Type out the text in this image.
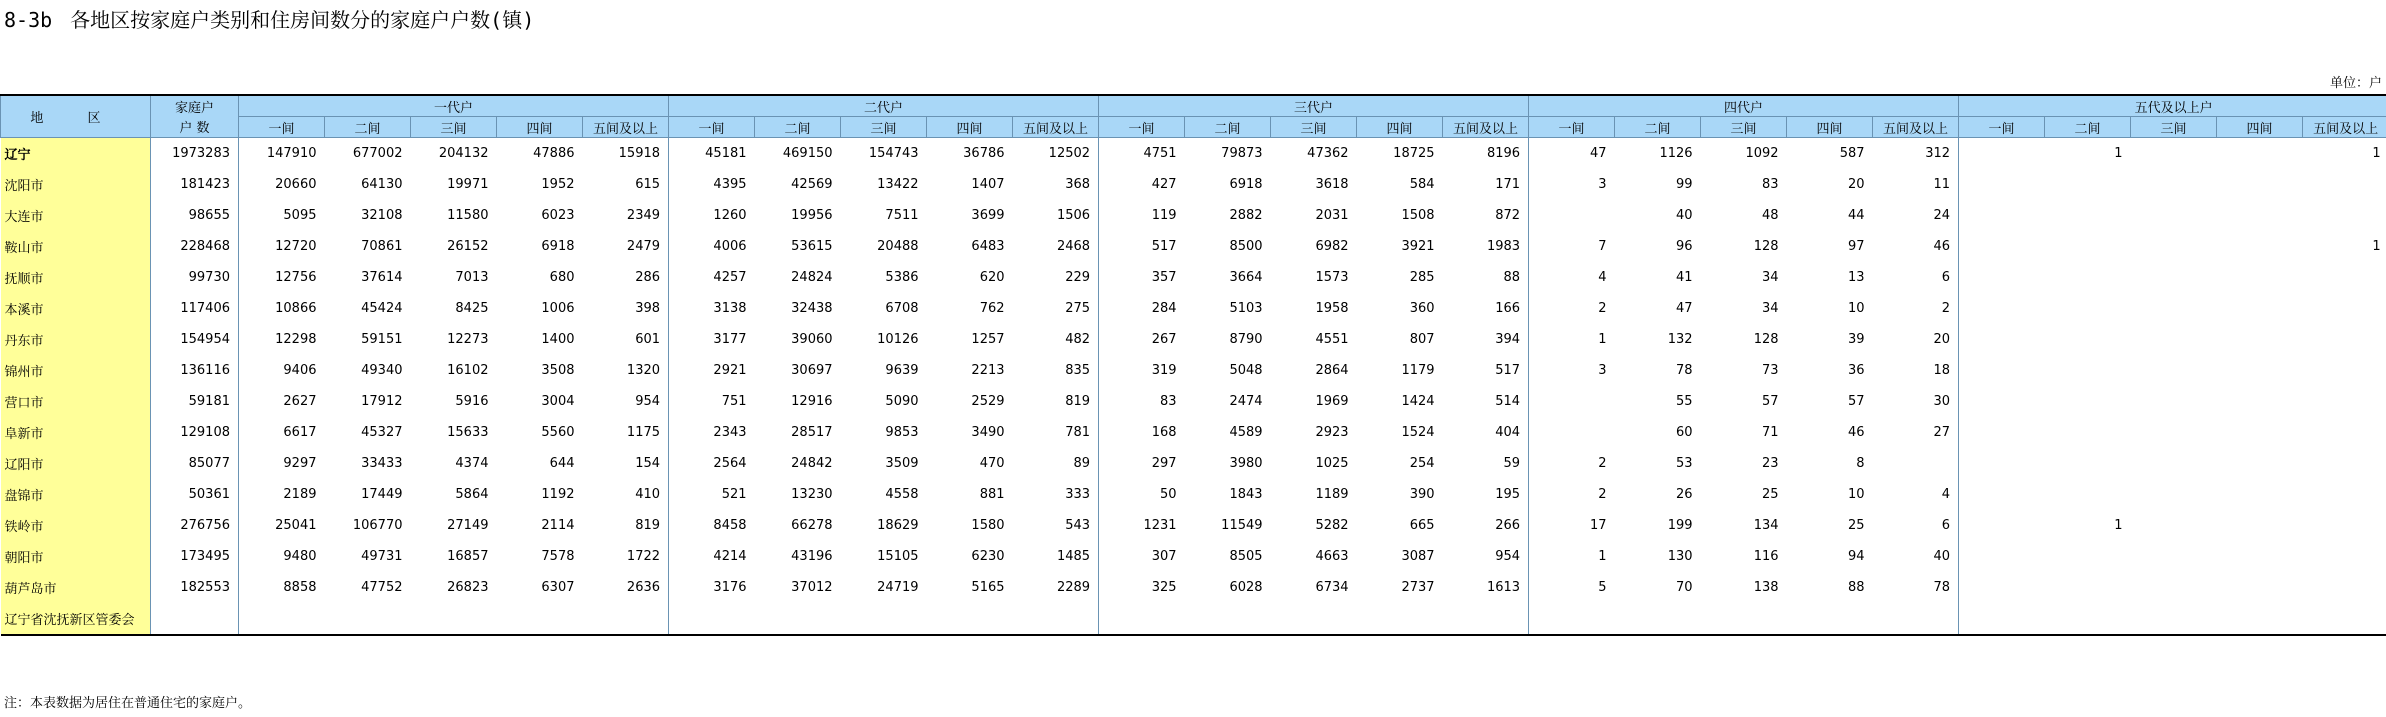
8-3b 各地区按家庭户类别和住房间数分的家庭户户数(镇)
单位：户
地 区	家庭户	一代户					二代户					三代户					四代户					五代及以上户				
	户 数	一间	二间	三间	四间	五间及以上	一间	二间	三间	四间	五间及以上	一间	二间	三间	四间	五间及以上	一间	二间	三间	四间	五间及以上	一间	二间	三间	四间	五间及以上
辽宁	1973283	147910	677002	204132	47886	15918	45181	469150	154743	36786	12502	4751	79873	47362	18725	8196	47	1126	1092	587	312		1			1
沈阳市	181423	20660	64130	19971	1952	615	4395	42569	13422	1407	368	427	6918	3618	584	171	3	99	83	20	11					
大连市	98655	5095	32108	11580	6023	2349	1260	19956	7511	3699	1506	119	2882	2031	1508	872		40	48	44	24					
鞍山市	228468	12720	70861	26152	6918	2479	4006	53615	20488	6483	2468	517	8500	6982	3921	1983	7	96	128	97	46					1
抚顺市	99730	12756	37614	7013	680	286	4257	24824	5386	620	229	357	3664	1573	285	88	4	41	34	13	6					
本溪市	117406	10866	45424	8425	1006	398	3138	32438	6708	762	275	284	5103	1958	360	166	2	47	34	10	2					
丹东市	154954	12298	59151	12273	1400	601	3177	39060	10126	1257	482	267	8790	4551	807	394	1	132	128	39	20					
锦州市	136116	9406	49340	16102	3508	1320	2921	30697	9639	2213	835	319	5048	2864	1179	517	3	78	73	36	18					
营口市	59181	2627	17912	5916	3004	954	751	12916	5090	2529	819	83	2474	1969	1424	514		55	57	57	30					
阜新市	129108	6617	45327	15633	5560	1175	2343	28517	9853	3490	781	168	4589	2923	1524	404		60	71	46	27					
辽阳市	85077	9297	33433	4374	644	154	2564	24842	3509	470	89	297	3980	1025	254	59	2	53	23	8						
盘锦市	50361	2189	17449	5864	1192	410	521	13230	4558	881	333	50	1843	1189	390	195	2	26	25	10	4					
铁岭市	276756	25041	106770	27149	2114	819	8458	66278	18629	1580	543	1231	11549	5282	665	266	17	199	134	25	6		1			
朝阳市	173495	9480	49731	16857	7578	1722	4214	43196	15105	6230	1485	307	8505	4663	3087	954	1	130	116	94	40					
葫芦岛市	182553	8858	47752	26823	6307	2636	3176	37012	24719	5165	2289	325	6028	6734	2737	1613	5	70	138	88	78					
辽宁省沈抚新区管委会																										
注：本表数据为居住在普通住宅的家庭户。
